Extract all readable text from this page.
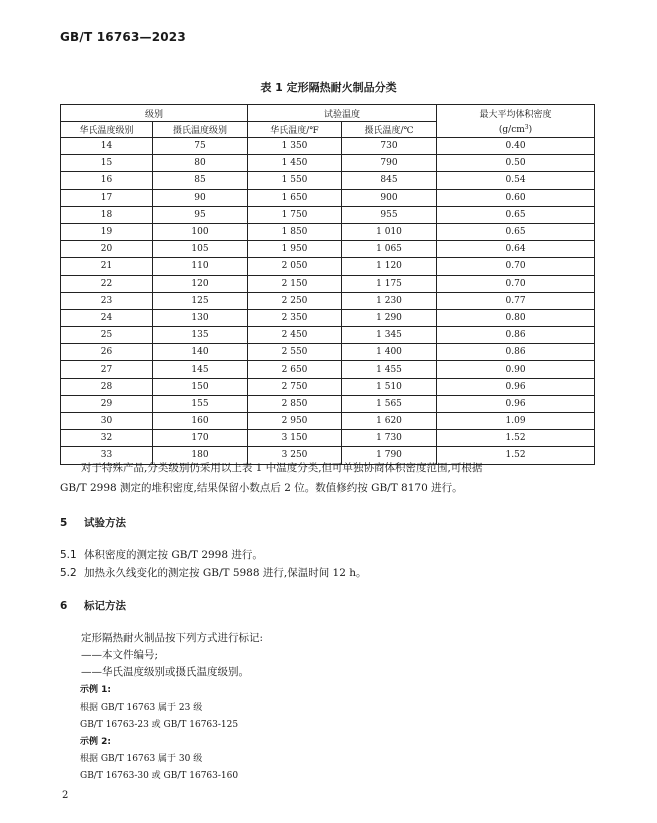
GB/T 16763—2023
表 1 定形隔热耐火制品分类
级别		试验温度		最大平均体积密度
华氏温度级别	摄氏温度级别	华氏温度/℉	摄氏温度/℃	$(g/cm^3)$
14	75	1 350	730	0.40
15	80	1 450	790	0.50
16	85	1 550	845	0.54
17	90	1 650	900	0.60
18	95	1 750	955	0.65
19	100	1 850	1 010	0.65
20	105	1 950	1 065	0.64
21	110	2 050	1 120	0.70
22	120	2 150	1 175	0.70
23	125	2 250	1 230	0.77
24	130	2 350	1 290	0.80
25	135	2 450	1 345	0.86
26	140	2 550	1 400	0.86
27	145	2 650	1 455	0.90
28	150	2 750	1 510	0.96
29	155	2 850	1 565	0.96
30	160	2 950	1 620	1.09
32	170	3 150	1 730	1.52
33	180	3 250	1 790	1.52
对于特殊产品,分类级别仍采用以上表 1 中温度分类,但可单独协商体积密度范围,可根据
GB/T 2998 测定的堆积密度,结果保留小数点后 2 位。数值修约按 GB/T 8170 进行。
5 试验方法
5.1 体积密度的测定按 GB/T 2998 进行。
5.2 加热永久线变化的测定按 GB/T 5988 进行,保温时间 12 h。
6 标记方法
定形隔热耐火制品按下列方式进行标记:
——本文件编号;
——华氏温度级别或摄氏温度级别。
示例 1:
根据 GB/T 16763 属于 23 级
GB/T 16763-23 或 GB/T 16763-125
示例 2:
根据 GB/T 16763 属于 30 级
GB/T 16763-30 或 GB/T 16763-160
2
